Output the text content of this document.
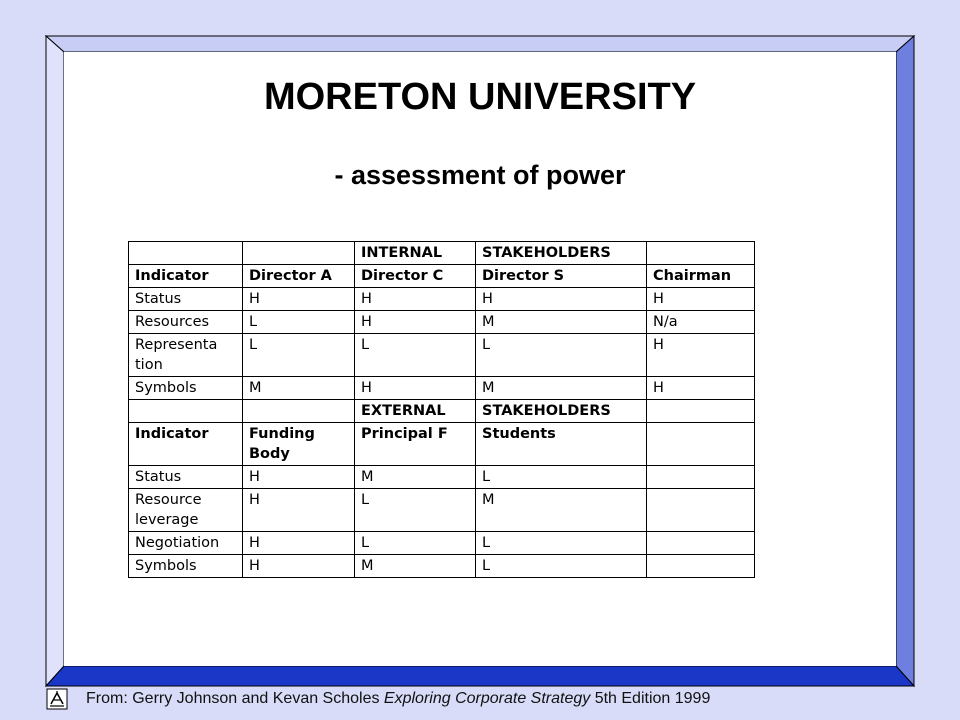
MORETON UNIVERSITY
- assessment of power
		INTERNAL	STAKEHOLDERS	
Indicator	Director A	Director C	Director S	Chairman
Status	H	H	H	H
Resources	L	H	M	N/a
Representa tion	L	L	L	H
Symbols	M	H	M	H
		EXTERNAL	STAKEHOLDERS	
Indicator	Funding Body	Principal F	Students	
Status	H	M	L	
Resource leverage	H	L	M	
Negotiation	H	L	L	
Symbols	H	M	L	
From: Gerry Johnson and Kevan Scholes Exploring Corporate Strategy 5th Edition 1999
